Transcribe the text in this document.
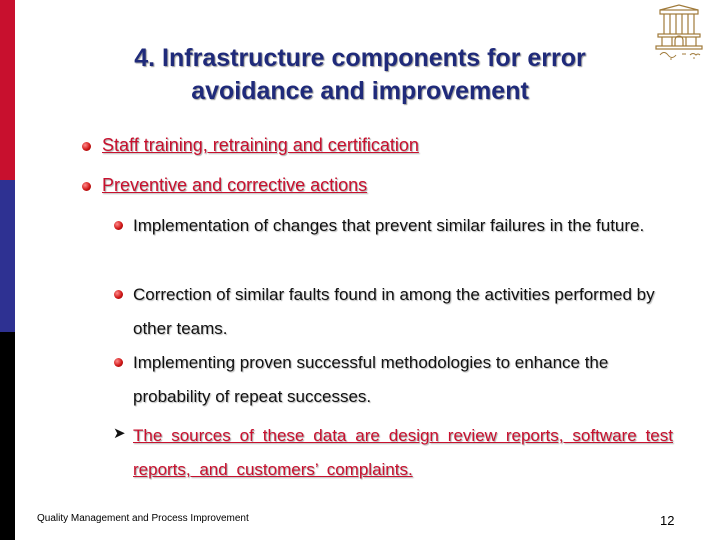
4. Infrastructure components for error
avoidance and improvement
Staff training, retraining and certification
Preventive and corrective actions
Implementation of changes that prevent similar failures in the future.
Correction of similar faults found in among the activities performed by other teams.
Implementing proven successful methodologies to enhance the probability of repeat successes.
➤ The sources of these data are design review reports, software test reports, and customers’ complaints.
Quality Management and Process Improvement	12
